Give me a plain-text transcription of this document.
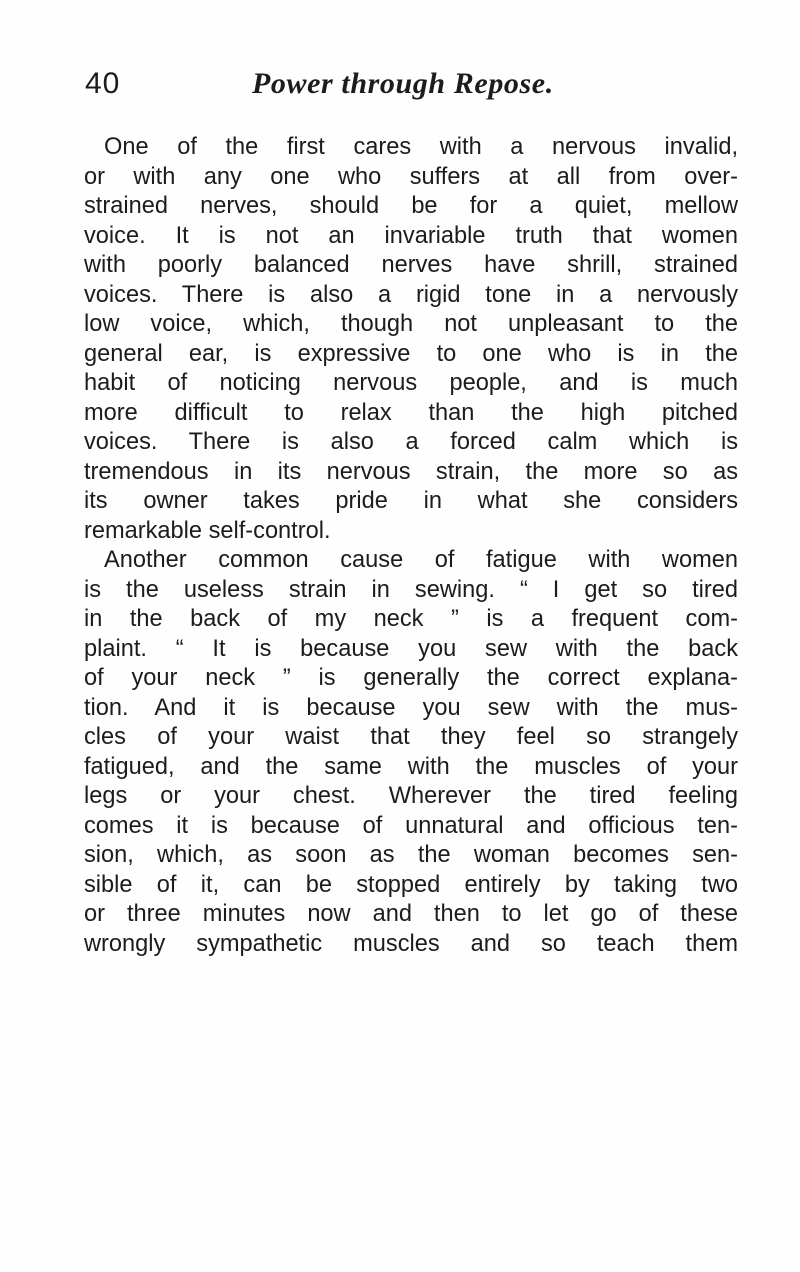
40	Power through Repose.
One of the first cares with a nervous invalid,
or with any one who suffers at all from over-
strained nerves, should be for a quiet, mellow
voice. It is not an invariable truth that women
with poorly balanced nerves have shrill, strained
voices. There is also a rigid tone in a nervously
low voice, which, though not unpleasant to the
general ear, is expressive to one who is in the
habit of noticing nervous people, and is much
more difficult to relax than the high pitched
voices. There is also a forced calm which is
tremendous in its nervous strain, the more so as
its owner takes pride in what she considers
remarkable self-control.
Another common cause of fatigue with women
is the useless strain in sewing. “ I get so tired
in the back of my neck ” is a frequent com-
plaint. “ It is because you sew with the back
of your neck ” is generally the correct explana-
tion. And it is because you sew with the mus-
cles of your waist that they feel so strangely
fatigued, and the same with the muscles of your
legs or your chest. Wherever the tired feeling
comes it is because of unnatural and officious ten-
sion, which, as soon as the woman becomes sen-
sible of it, can be stopped entirely by taking two
or three minutes now and then to let go of these
wrongly sympathetic muscles and so teach them
